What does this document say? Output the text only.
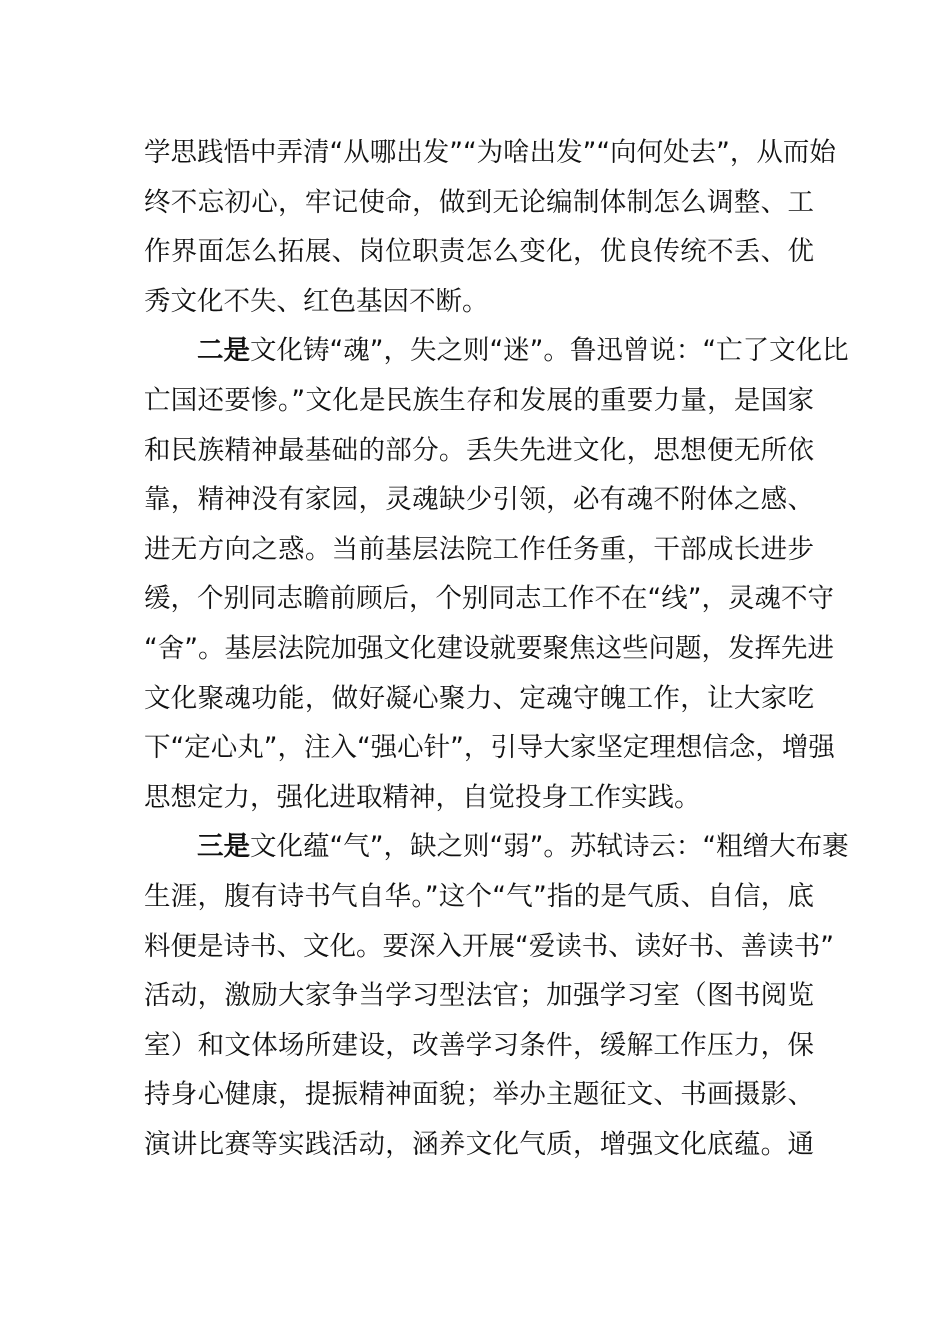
学思践悟中弄清“从哪出发”“为啥出发”“向何处去”，从而始
终不忘初心，牢记使命，做到无论编制体制怎么调整、工
作界面怎么拓展、岗位职责怎么变化，优良传统不丢、优
秀文化不失、红色基因不断。
二是文化铸“魂”，失之则“迷”。鲁迅曾说：“亡了文化比
亡国还要惨。”文化是民族生存和发展的重要力量，是国家
和民族精神最基础的部分。丢失先进文化，思想便无所依
靠，精神没有家园，灵魂缺少引领，必有魂不附体之感、
进无方向之惑。当前基层法院工作任务重，干部成长进步
缓，个别同志瞻前顾后，个别同志工作不在“线”，灵魂不守
“舍”。基层法院加强文化建设就要聚焦这些问题，发挥先进
文化聚魂功能，做好凝心聚力、定魂守魄工作，让大家吃
下“定心丸”，注入“强心针”，引导大家坚定理想信念，增强
思想定力，强化进取精神，自觉投身工作实践。
三是文化蕴“气”，缺之则“弱”。苏轼诗云：“粗缯大布裹
生涯，腹有诗书气自华。”这个“气”指的是气质、自信，底
料便是诗书、文化。要深入开展“爱读书、读好书、善读书”
活动，激励大家争当学习型法官；加强学习室（图书阅览
室）和文体场所建设，改善学习条件，缓解工作压力，保
持身心健康，提振精神面貌；举办主题征文、书画摄影、
演讲比赛等实践活动，涵养文化气质，增强文化底蕴。通
